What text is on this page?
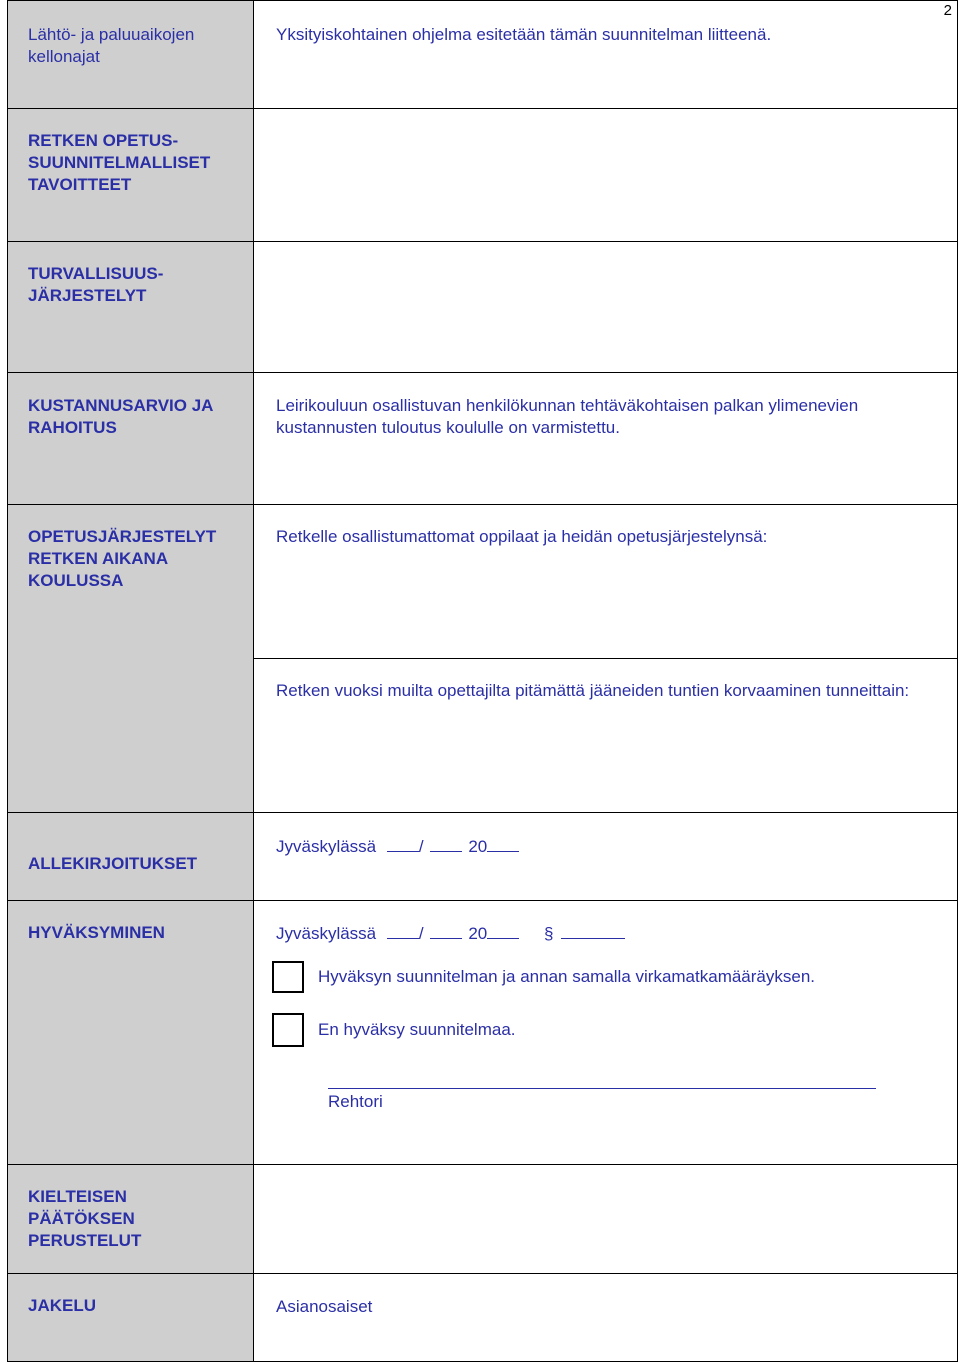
2
Lähtö- ja paluuaikojen kellonajat	Yksityiskohtainen ohjelma esitetään tämän suunnitelman liitteenä.

RETKEN OPETUS-SUUNNITELMALLISET TAVOITTEET	

TURVALLISUUS-JÄRJESTELYT	

KUSTANNUSARVIO JA RAHOITUS	Leirikouluun osallistuvan henkilökunnan tehtäväkohtaisen palkan ylimenevien kustannusten tuloutus koululle on varmistettu.

OPETUSJÄRJESTELYT RETKEN AIKANA KOULUSSA	Retkelle osallistumattomat oppilaat ja heidän opetusjärjestelynsä:

	Retken vuoksi muilta opettajilta pitämättä jääneiden tuntien korvaaminen tunneittain:

ALLEKIRJOITUKSET	Jyväskylässä / 20

HYVÄKSYMINEN	Jyväskylässä / 20 §
Hyväksyn suunnitelman ja annan samalla virkamatkamääräyksen.
En hyväksy suunnitelmaa.
Rehtori

KIELTEISEN PÄÄTÖKSEN PERUSTELUT	

JAKELU	Asianosaiset
